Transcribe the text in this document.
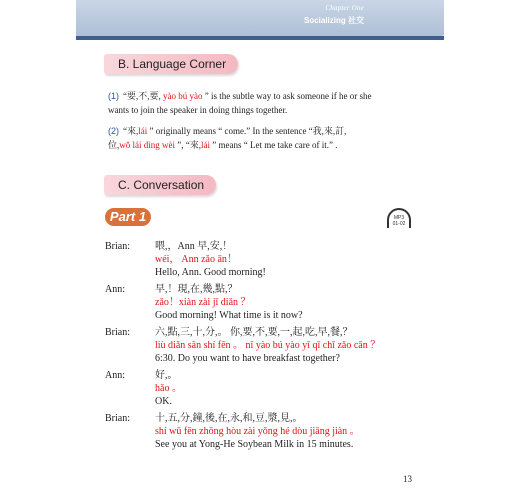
Chapter One
Socializing 社交
B. Language Corner
(1) “要,不,要, yào bú yào ” is the subtle way to ask someone if he or she
wants to join the speaker in doing things together.
(2) “來,lái ” originally means “ come.” In the sentence “我,來,訂,
位,wǒ lái dìng wèi ”, “來,lái ” means “ Let me take care of it.” .
C. Conversation
Part 1	MP3
01-02
Brian:	喂,，Ann 早,安,！
wéi， Ann zǎo ān！
Hello, Ann. Good morning!
Ann:	早,！現,在,幾,點,？
zǎo！xiàn zài jǐ diǎn ？
Good morning! What time is it now?
Brian:	六,點,三,十,分,。 你,要,不,要,一,起,吃,早,餐,？
liù diǎn sān shí fēn 。 nǐ yào bú yào yī qǐ chī zǎo cān ？
6:30. Do you want to have breakfast together?
Ann:	好,。
hǎo 。
OK.
Brian:	十,五,分,鐘,後,在,永,和,豆,漿,見,。
shí wǔ fēn zhōng hòu zài yǒng hé dòu jiāng jiàn 。
See you at Yong-He Soybean Milk in 15 minutes.
13
